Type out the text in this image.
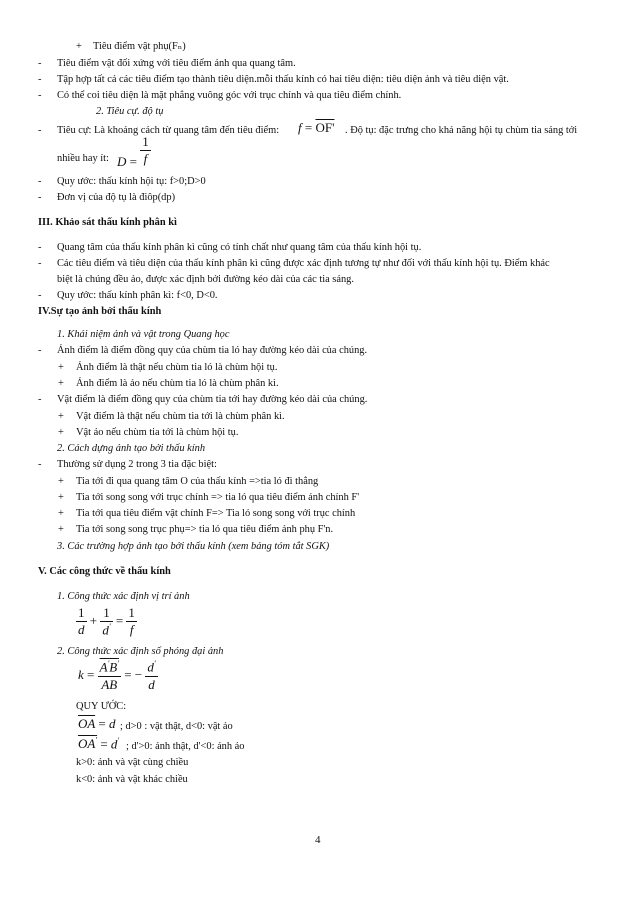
+ Tiêu điểm vật phụ(Fₙ)
- Tiêu điểm vật đối xứng với tiêu điểm ảnh qua quang tâm.
- Tập hợp tất cả các tiêu điểm tạo thành tiêu diện.mỗi thấu kính có hai tiêu diện: tiêu diện ảnh và tiêu diện vật.
- Có thể coi tiêu diện là mặt phẳng vuông góc với trục chính và qua tiêu điểm chính.
2. Tiêu cự. độ tụ
- Tiêu cự: Là khoảng cách từ quang tâm đến tiêu điểm: f = OF' . Độ tụ: đặc trưng cho khả năng hội tụ chùm tia sáng tới
nhiều hay ít: $D = \frac{1}{f}$
- Quy ước: thấu kính hội tụ: f>0;D>0
- Đơn vị của độ tụ là điôp(dp)
III. Khảo sát thấu kính phân kì
- Quang tâm của thấu kính phân kì cũng có tính chất như quang tâm của thấu kính hội tụ.
- Các tiêu điểm và tiêu diện của thấu kính phân kì cũng được xác định tương tự như đối với thấu kính hội tụ. Điểm khác
biệt là chúng đều ảo, được xác định bởi đường kéo dài của các tia sáng.
- Quy ước: thấu kính phân kì: f<0, D<0.
IV.Sự tạo ảnh bởi thấu kính
1. Khái niệm ảnh và vật trong Quang học
- Ảnh điểm là điểm đồng quy của chùm tia ló hay đường kéo dài của chúng.
+ Ảnh điểm là thật nếu chùm tia ló là chùm hội tụ.
+ Ảnh điểm là ảo nếu chùm tia ló là chùm phân kì.
- Vật điểm là điểm đồng quy của chùm tia tới hay đường kéo dài của chúng.
+ Vật điểm là thật nếu chùm tia tới là chùm phân kì.
+ Vật ảo nếu chùm tia tới là chùm hội tụ.
2. Cách dựng ảnh tạo bởi thấu kính
- Thường sử dụng 2 trong 3 tia đặc biệt:
+ Tia tới đi qua quang tâm O của thấu kính =>tia ló đi thẳng
+ Tia tới song song với trục chính => tia ló qua tiêu điểm ảnh chính F'
+ Tia tới qua tiêu điểm vật chính F=> Tia ló song song với trục chính
+ Tia tới song song trục phụ=> tia ló qua tiêu điểm ảnh phụ F'n.
3. Các trường hợp ảnh tạo bởi thấu kính (xem bảng tóm tắt SGK)
V. Các công thức về thấu kính
1. Công thức xác định vị trí ảnh
$\frac{1}{d} + \frac{1}{d'} = \frac{1}{f}$
2. Công thức xác định số phóng đại ảnh
$k = \frac{A'B'}{AB}$ = − $\frac{d'}{d}$
QUY ƯỚC:
$\overline{OA} = d$ ; d>0 : vật thật, d<0: vật ảo
OA' = d'
; d'>0: ảnh thật, d'<0: ảnh ảo
k>0: ảnh và vật cùng chiều
k<0: ảnh và vật khác chiều
4
